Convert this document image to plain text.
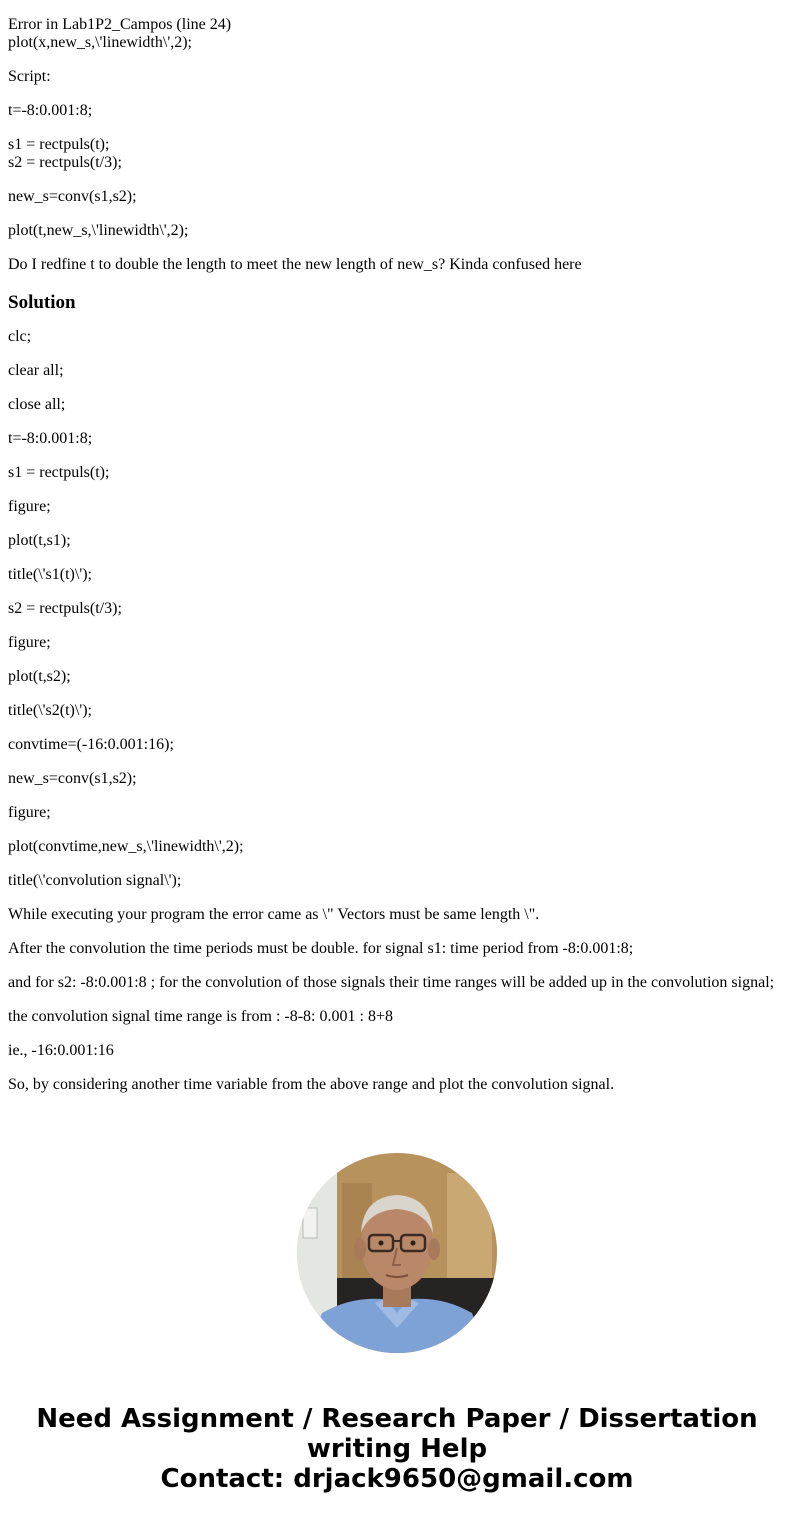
Error in Lab1P2_Campos (line 24)
plot(x,new_s,\'linewidth\',2);

Script:

t=-8:0.001:8;

s1 = rectpuls(t);
s2 = rectpuls(t/3);

new_s=conv(s1,s2);

plot(t,new_s,\'linewidth\',2);

Do I redfine t to double the length to meet the new length of new_s? Kinda confused here

Solution

clc;

clear all;

close all;

t=-8:0.001:8;

s1 = rectpuls(t);

figure;

plot(t,s1);

title(\'s1(t)\');

s2 = rectpuls(t/3);

figure;

plot(t,s2);

title(\'s2(t)\');

convtime=(-16:0.001:16);

new_s=conv(s1,s2);

figure;

plot(convtime,new_s,\'linewidth\',2);

title(\'convolution signal\');

While executing your program the error came as \" Vectors must be same length \".

After the convolution the time periods must be double. for signal s1: time period from -8:0.001:8;

and for s2: -8:0.001:8 ; for the convolution of those signals their time ranges will be added up in the convolution signal;

the convolution signal time range is from : -8-8: 0.001 : 8+8

ie., -16:0.001:16

So, by considering another time variable from the above range and plot the convolution signal.

Need Assignment / Research Paper / Dissertation
writing Help
Contact: drjack9650@gmail.com
